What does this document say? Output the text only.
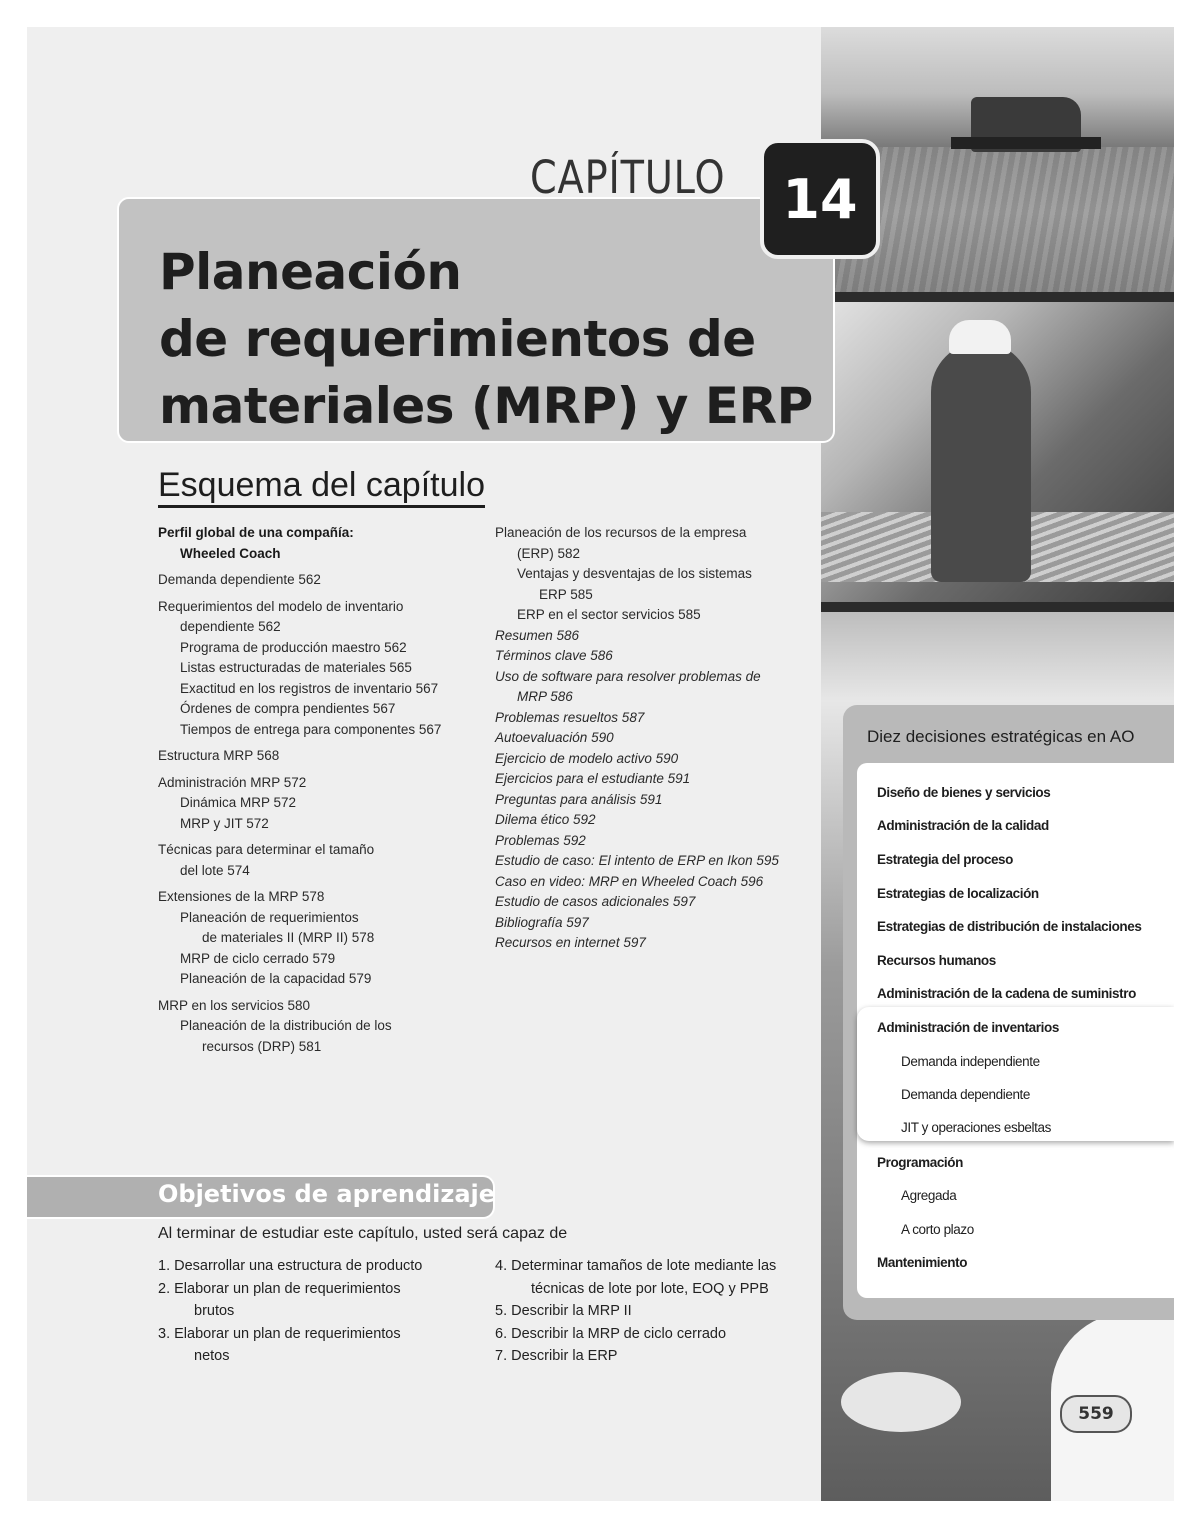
Planeación
de requerimientos de
materiales (MRP) y ERP
CAPÍTULO	14
Esquema del capítulo
Perfil global de una compañía:
Wheeled Coach
Demanda dependiente 562
Requerimientos del modelo de inventario
dependiente 562
Programa de producción maestro 562
Listas estructuradas de materiales 565
Exactitud en los registros de inventario 567
Órdenes de compra pendientes 567
Tiempos de entrega para componentes 567
Estructura MRP 568
Administración MRP 572
Dinámica MRP 572
MRP y JIT 572
Técnicas para determinar el tamaño
del lote 574
Extensiones de la MRP 578
Planeación de requerimientos
de materiales II (MRP II) 578
MRP de ciclo cerrado 579
Planeación de la capacidad 579
MRP en los servicios 580
Planeación de la distribución de los
recursos (DRP) 581
Planeación de los recursos de la empresa
(ERP) 582
Ventajas y desventajas de los sistemas
ERP 585
ERP en el sector servicios 585
Resumen 586
Términos clave 586
Uso de software para resolver problemas de
MRP 586
Problemas resueltos 587
Autoevaluación 590
Ejercicio de modelo activo 590
Ejercicios para el estudiante 591
Preguntas para análisis 591
Dilema ético 592
Problemas 592
Estudio de caso: El intento de ERP en Ikon 595
Caso en video: MRP en Wheeled Coach 596
Estudio de casos adicionales 597
Bibliografía 597
Recursos en internet 597
Objetivos de aprendizaje
Al terminar de estudiar este capítulo, usted será capaz de
1. Desarrollar una estructura de producto
2. Elaborar un plan de requerimientos
brutos
3. Elaborar un plan de requerimientos
netos
4. Determinar tamaños de lote mediante las
técnicas de lote por lote, EOQ y PPB
5. Describir la MRP II
6. Describir la MRP de ciclo cerrado
7. Describir la ERP
Diez decisiones estratégicas en AO
Diseño de bienes y servicios
Administración de la calidad
Estrategia del proceso
Estrategias de localización
Estrategias de distribución de instalaciones
Recursos humanos
Administración de la cadena de suministro
Administración de inventarios
Demanda independiente
Demanda dependiente
JIT y operaciones esbeltas
Programación
Agregada
A corto plazo
Mantenimiento
559
